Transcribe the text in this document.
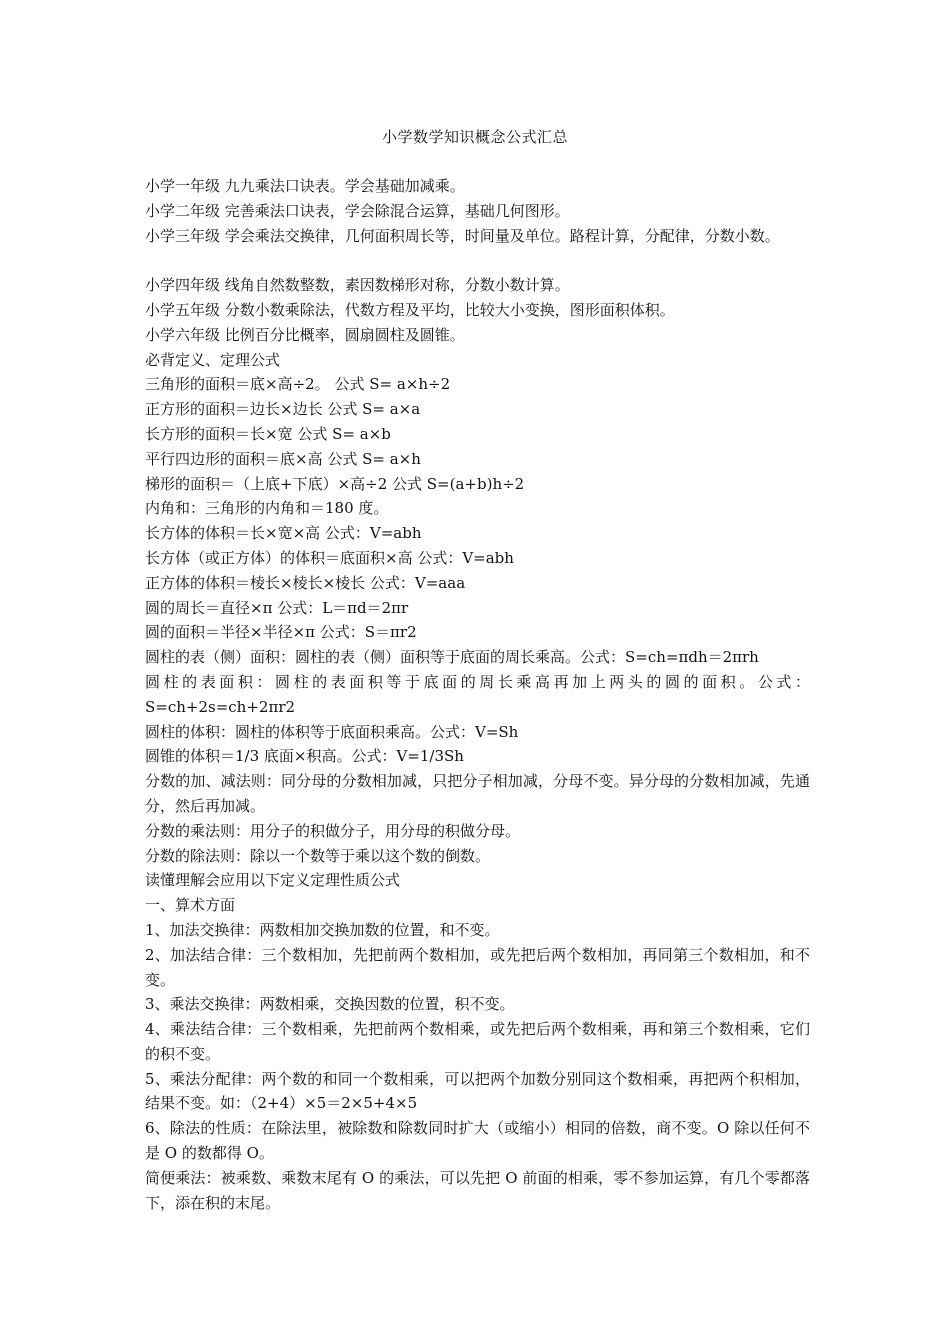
小学数学知识概念公式汇总
小学一年级 九九乘法口诀表。学会基础加减乘。
小学二年级 完善乘法口诀表，学会除混合运算，基础几何图形。
小学三年级 学会乘法交换律，几何面积周长等，时间量及单位。路程计算，分配律，分数小数。
小学四年级 线角自然数整数，素因数梯形对称，分数小数计算。
小学五年级 分数小数乘除法，代数方程及平均，比较大小变换，图形面积体积。
小学六年级 比例百分比概率，圆扇圆柱及圆锥。
必背定义、定理公式
三角形的面积＝底×高÷2。 公式 S= a×h÷2
正方形的面积＝边长×边长 公式 S= a×a
长方形的面积＝长×宽 公式 S= a×b
平行四边形的面积＝底×高 公式 S= a×h
梯形的面积＝（上底+下底）×高÷2 公式 S=(a+b)h÷2
内角和：三角形的内角和＝180 度。
长方体的体积＝长×宽×高 公式：V=abh
长方体（或正方体）的体积＝底面积×高 公式：V=abh
正方体的体积＝棱长×棱长×棱长 公式：V=aaa
圆的周长＝直径×π 公式：L＝πd＝2πr
圆的面积＝半径×半径×π 公式：S＝πr2
圆柱的表（侧）面积：圆柱的表（侧）面积等于底面的周长乘高。公式：S=ch=πdh＝2πrh
圆柱的表面积：圆柱的表面积等于底面的周长乘高再加上两头的圆的面积。公式：S=ch+2s=ch+2πr2
圆柱的体积：圆柱的体积等于底面积乘高。公式：V=Sh
圆锥的体积＝1/3 底面×积高。公式：V=1/3Sh
分数的加、减法则：同分母的分数相加减，只把分子相加减，分母不变。异分母的分数相加减，先通分，然后再加减。
分数的乘法则：用分子的积做分子，用分母的积做分母。
分数的除法则：除以一个数等于乘以这个数的倒数。
读懂理解会应用以下定义定理性质公式
一、算术方面
1、加法交换律：两数相加交换加数的位置，和不变。
2、加法结合律：三个数相加，先把前两个数相加，或先把后两个数相加，再同第三个数相加，和不变。
3、乘法交换律：两数相乘，交换因数的位置，积不变。
4、乘法结合律：三个数相乘，先把前两个数相乘，或先把后两个数相乘，再和第三个数相乘，它们的积不变。
5、乘法分配律：两个数的和同一个数相乘，可以把两个加数分别同这个数相乘，再把两个积相加，结果不变。如：（2+4）×5＝2×5+4×5
6、除法的性质：在除法里，被除数和除数同时扩大（或缩小）相同的倍数，商不变。O 除以任何不是 O 的数都得 O。
简便乘法：被乘数、乘数末尾有 O 的乘法，可以先把 O 前面的相乘，零不参加运算，有几个零都落下，添在积的末尾。
